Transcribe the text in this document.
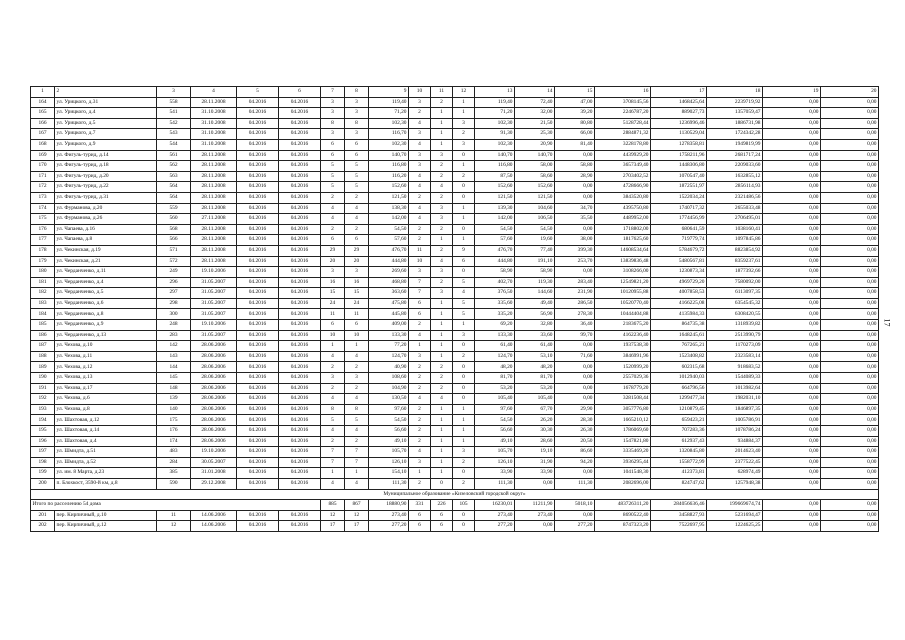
1	2	3	4	5	6	7	8	9	10	11	12	13	14	15	16	17	18	19	20
164	ул. Урицкого, д.31	558	28.11.2008	04.2016	04.2016	3	3	119,40	3	2	1	119,40	72,40	47,00	3708145,56	1468425,64	2239719,92	0,00	0,00
165	ул. Урицкого, д.4	541	31.10.2008	04.2016	04.2016	3	3	71,20	2	1	1	71,20	32,00	39,20	2246787,20	889027,73	1357059,47	0,00	0,00
166	ул. Урицкого, д.5	542	31.10.2008	04.2016	04.2016	8	8	102,30	4	1	3	102,30	21,50	80,80	5128728,44	1236996,46	1886731,98	0,00	0,00
167	ул. Урицкого, д.7	543	31.10.2008	04.2016	04.2016	3	3	116,70	3	1	2	91,30	25,30	66,00	2884871,32	1130529,04	1724342,28	0,00	0,00
168	ул. Урицкого, д.9	544	31.10.2008	04.2016	04.2016	6	6	102,30	4	1	3	102,30	20,90	81,40	3228178,80	1278358,81	1949819,99	0,00	0,00
169	ул. Фигуль-турид, д.14	561	28.11.2008	04.2016	04.2016	6	6	140,70	3	3	0	140,70	140,70	0,00	4439929,20	1758211,96	2681717,24	0,00	0,00
170	ул. Фигуль-турид, д.18	562	28.11.2008	04.2016	04.2016	5	5	116,80	3	2	1	116,80	58,00	58,80	3657349,40	1448306,80	2209033,60	0,00	0,00
171	ул. Фигуль-турид, д.20	563	28.11.2008	04.2016	04.2016	5	5	116,20	4	2	2	87,50	58,60	28,90	2703402,52	1070547,40	1632855,12	0,00	0,00
172	ул. Фигуль-турид, д.22	564	28.11.2008	04.2016	04.2016	5	5	152,60	4	4	0	152,60	152,60	0,00	4728666,90	1872551,97	2856114,93	0,00	0,00
173	ул. Фигуль-турид, д.31	564	28.11.2008	04.2016	04.2016	2	2	121,50	2	2	0	121,50	121,50	0,00	3843520,80	1522034,24	2321486,56	0,00	0,00
174	ул. Фурманова, д.20	559	28.11.2008	04.2016	04.2016	4	4	138,30	4	3	1	139,30	104,60	34,70	4395750,80	1740717,32	2655033,48	0,00	0,00
175	ул. Фурманова, д.26	560	27.11.2008	04.2016	04.2016	4	4	142,00	4	3	1	142,00	106,50	35,50	4489952,00	1774456,99	2706495,01	0,00	0,00
176	ул. Чапаева, д.16	568	28.11.2008	04.2016	04.2016	2	2	54,50	2	2	0	54,50	54,50	0,00	1718802,00	680641,59	1038160,41	0,00	0,00
177	ул. Чапаева, д.8	566	28.11.2008	04.2016	04.2016	6	6	57,60	2	1	1	57,60	19,60	38,00	1817625,60	719779,74	1097845,86	0,00	0,00
178	ул. Чекинская, д.19	571	28.11.2008	04.2016	04.2016	29	29	476,70	11	2	9	476,70	77,40	399,30	14608534,64	5784679,72	8823854,92	0,00	0,00
179	ул. Чекинская, д.21	572	28.11.2008	04.2016	04.2016	20	20	444,80	10	4	6	444,80	191,10	253,70	13839836,48	5480567,81	8359237,61	0,00	0,00
180	ул. Черданченко, д.11	249	19.10.2006	04.2016	04.2016	3	3	269,60	3	3	0	58,90	58,90	0,00	3108266,00	1230873,34	1877392,66	0,00	0,00
181	ул. Черданченко, д.4	296	31.05.2007	04.2016	04.2016	16	16	468,80	7	2	5	402,70	119,30	283,40	12549821,20	4969729,20	7580092,00	0,00	0,00
182	ул. Черданченко, д.5	297	31.05.2007	04.2016	04.2016	15	15	363,60	7	3	4	376,50	144,60	231,90	10120955,88	4007858,53	6113097,35	0,00	0,00
183	ул. Черданченко, д.6	298	31.05.2007	04.2016	04.2016	24	24	475,80	6	1	5	335,60	49,40	286,50	10520770,40	4166225,08	6354545,32	0,00	0,00
184	ул. Черданченко, д.8	300	31.05.2007	04.2016	04.2016	11	11	445,80	6	1	5	335,20	56,90	278,30	10444404,88	4135984,33	6308420,55	0,00	0,00
185	ул. Черданченко, д.9	248	19.10.2006	04.2016	04.2016	6	6	409,00	2	1	1	69,20	32,80	36,40	2183675,20	864735,38	1318939,82	0,00	0,00
186	ул. Черданченко, д.13	283	31.05.2007	04.2016	04.2016	10	10	133,30	4	1	3	133,30	33,60	99,70	4162236,40	1648245,61	2513990,79	0,00	0,00
187	ул. Чехова, д.10	142	28.06.2006	04.2016	04.2016	1	1	77,20	1	1	0	61,40	61,40	0,00	1937538,30	767265,21	1170273,09	0,00	0,00
188	ул. Чехова, д.11	143	28.06.2006	04.2016	04.2016	4	4	124,70	3	1	2	124,70	53,10	71,60	3846991,96	1523408,82	2323583,14	0,00	0,00
189	ул. Чехова, д.12	144	28.06.2006	04.2016	04.2016	2	2	40,90	2	2	0	48,20	48,20	0,00	1520999,20	602315,68	918683,52	0,00	0,00
190	ул. Чехова, д.13	145	28.06.2006	04.2016	04.2016	3	3	108,60	2	2	0	81,70	81,70	0,00	2557029,36	1012940,03	1544089,33	0,00	0,00
191	ул. Чехова, д.17	148	28.06.2006	04.2016	04.2016	2	2	104,90	2	2	0	53,20	53,20	0,00	1678779,20	664796,56	1013982,64	0,00	0,00
192	ул. Чехова, д.6	139	28.06.2006	04.2016	04.2016	4	4	130,50	4	4	0	105,40	105,40	0,00	3281508,44	1299477,34	1982031,10	0,00	0,00
193	ул. Чехова, д.8	140	28.06.2006	04.2016	04.2016	8	8	97,60	2	1	1	97,60	67,70	29,90	3057776,80	1210879,45	1846897,35	0,00	0,00
194	ул. Шахтовая, д.12	175	28.06.2006	04.2016	04.2016	5	5	54,50	2	1	1	54,50	26,20	28,30	1665210,12	659423,21	1005786,91	0,00	0,00
195	ул. Шахтовая, д.14	176	28.06.2006	04.2016	04.2016	4	4	56,60	2	1	1	56,60	30,30	26,30	1786069,60	707283,36	1078786,24	0,00	0,00
196	ул. Шахтовая, д.4	174	28.06.2006	04.2016	04.2016	2	2	49,10	2	1	1	49,10	28,60	20,50	1547821,80	612937,43	934884,37	0,00	0,00
197	ул. Шмидта, д.51	483	19.10.2006	04.2016	04.2016	7	7	105,70	4	1	3	105,70	19,10	86,60	3335469,20	1320845,80	2014623,40	0,00	0,00
198	ул. Шмидта, д.52	284	30.05.2007	04.2016	04.2016	7	7	126,10	3	1	2	126,10	31,90	94,20	3936295,44	1558772,99	2377522,45	0,00	0,00
199	ул. им. 8 Марта, д.23	385	31.01.2008	04.2016	04.2016	1	1	154,10	1	1	0	33,90	33,90	0,00	1041548,30	412373,81	628974,49	0,00	0,00
200	п. Блохкост, 3590-й км, д.8	590	29.12.2008	04.2016	04.2016	4	4	111,30	2	0	2	111,30	0,00	111,30	2082696,00	824747,62	1257948,38	0,00	0,00
Муниципальное образование «Кизеловский городской округ»																			
Итого по расселению 54 дома						885	867	18880,90	331	226	105	16230,01	11211,90	5018,10	483726311,20	284056636,46	199669674,74	0,00	0,00
201	пер. Кирпичный, д.10	11	14.06.2006	04.2016	04.2016	12	12	273,40	6	6	0	273,40	273,40	0,00	8690522,40	3458827,93	5231694,47	0,00	0,00
202	пер. Кирпичный, д.12	12	14.06.2006	04.2016	04.2016	17	17	277,20	6	6	0	277,20	0,00	277,20	8747323,20	7522697,95	1224625,25	0,00	0,00
17
